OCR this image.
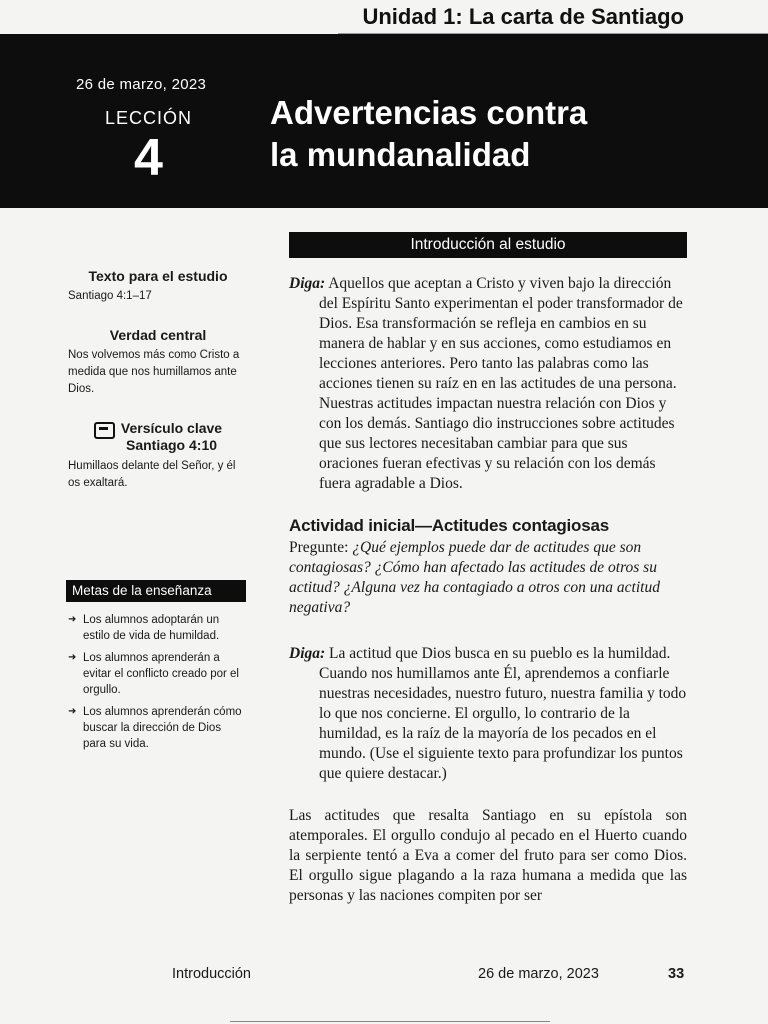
Unidad 1: La carta de Santiago
26 de marzo, 2023
LECCIÓN
4
Advertencias contra
la mundanalidad
Texto para el estudio
Santiago 4:1–17
Verdad central
Nos volvemos más como Cristo a medida que nos humillamos ante Dios.
Versículo clave
Santiago 4:10
Humillaos delante del Señor, y él os exaltará.
Metas de la enseñanza
➜ Los alumnos adoptarán un estilo de vida de humildad.
➜ Los alumnos aprenderán a evitar el conflicto creado por el orgullo.
➜ Los alumnos aprenderán cómo buscar la dirección de Dios para su vida.
Introducción al estudio

Diga: Aquellos que aceptan a Cristo y viven bajo la dirección del Espíritu Santo experimentan el poder transformador de Dios. Esa transformación se refleja en cambios en su manera de hablar y en sus acciones, como estudiamos en lecciones anteriores. Pero tanto las palabras como las acciones tienen su raíz en en las actitudes de una persona. Nuestras actitudes impactan nuestra relación con Dios y con los demás. Santiago dio instrucciones sobre actitudes que sus lectores necesitaban cambiar para que sus oraciones fueran efectivas y su relación con los demás fuera agradable a Dios.

Actividad inicial—Actitudes contagiosas

Pregunte: ¿Qué ejemplos puede dar de actitudes que son contagiosas? ¿Cómo han afectado las actitudes de otros su actitud? ¿Alguna vez ha contagiado a otros con una actitud negativa?

Diga: La actitud que Dios busca en su pueblo es la humildad. Cuando nos humillamos ante Él, aprendemos a confiarle nuestras necesidades, nuestro futuro, nuestra familia y todo lo que nos concierne. El orgullo, lo contrario de la humildad, es la raíz de la mayoría de los pecados en el mundo. (Use el siguiente texto para profundizar los puntos que quiere destacar.)

Las actitudes que resalta Santiago en su epístola son atemporales. El orgullo condujo al pecado en el Huerto cuando la serpiente tentó a Eva a comer del fruto para ser como Dios. El orgullo sigue plagando a la raza humana a medida que las personas y las naciones compiten por ser

Introducción	26 de marzo, 2023	33
